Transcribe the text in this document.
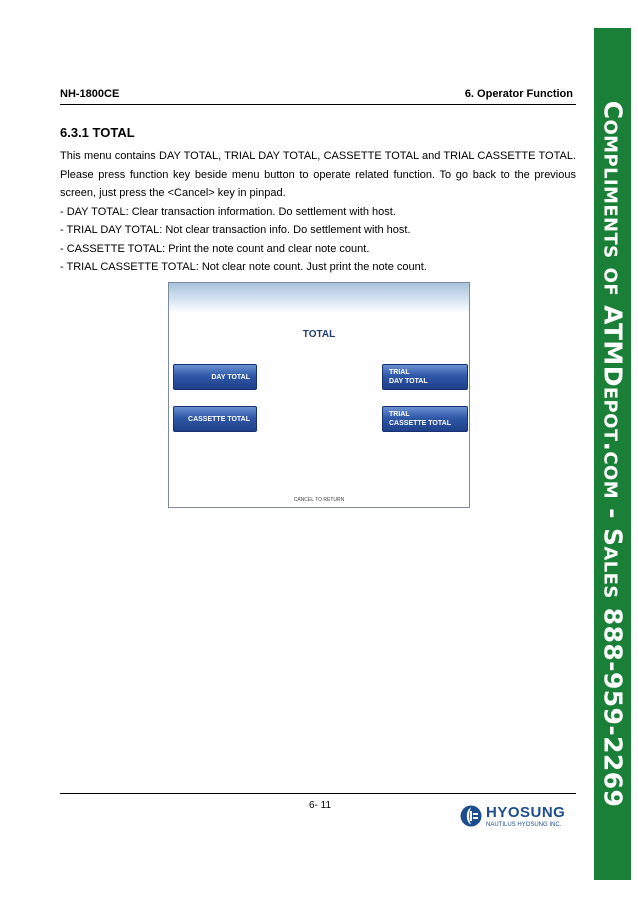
NH-1800CE	6. Operator Function
6.3.1 TOTAL

This menu contains DAY TOTAL, TRIAL DAY TOTAL, CASSETTE TOTAL and TRIAL CASSETTE TOTAL. Please press function key beside menu button to operate related function. To go back to the previous screen, just press the <Cancel> key in pinpad.

- DAY TOTAL: Clear transaction information. Do settlement with host.

- TRIAL DAY TOTAL: Not clear transaction info. Do settlement with host.

- CASSETTE TOTAL: Print the note count and clear note count.

- TRIAL CASSETTE TOTAL: Not clear note count. Just print the note count.

TOTAL
DAY TOTAL
CASSETTE TOTAL
TRIAL
DAY TOTAL
TRIAL
CASSETTE TOTAL
CANCEL TO RETURN
6- 11	HYOSUNG
NAUTILUS HYOSUNG INC.
Compliments of ATMDepot.com - Sales 888-959-2269
